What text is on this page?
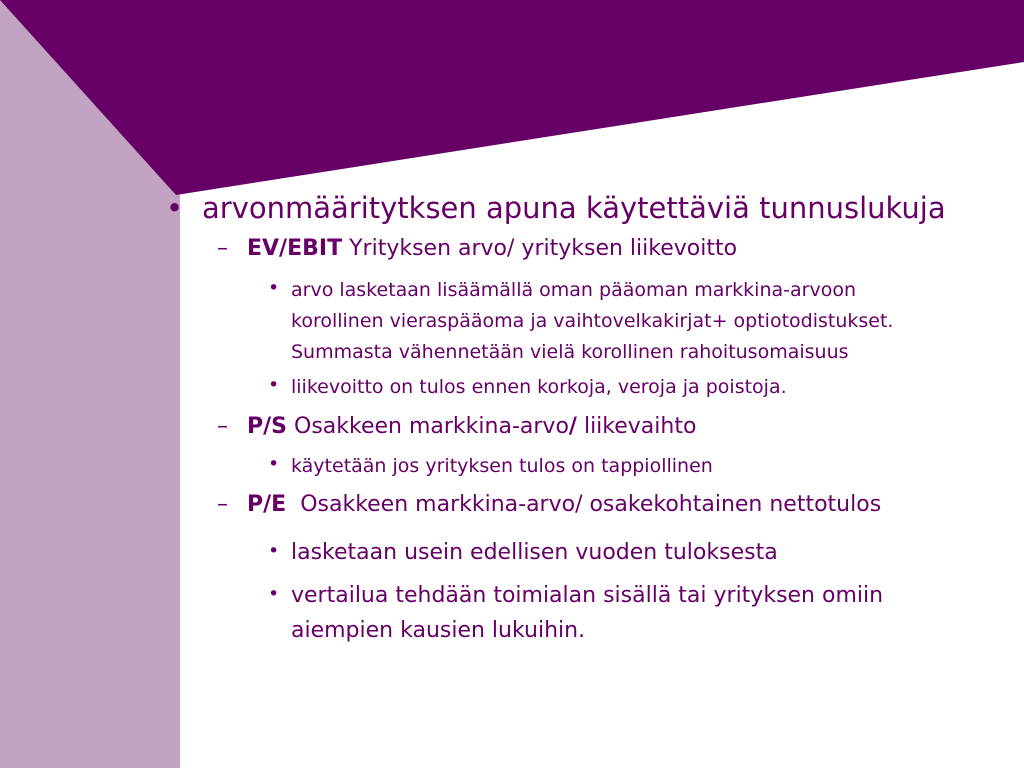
• arvonmääritytksen apuna käytettäviä tunnuslukuja
– EV/EBIT Yrityksen arvo/ yrityksen liikevoitto
• arvo lasketaan lisäämällä oman pääoman markkina-arvoon
korollinen vieraspääoma ja vaihtovelkakirjat+ optiotodistukset.
Summasta vähennetään vielä korollinen rahoitusomaisuus
• liikevoitto on tulos ennen korkoja, veroja ja poistoja.
– P/S Osakkeen markkina-arvo/ liikevaihto
• käytetään jos yrityksen tulos on tappiollinen
– P/E Osakkeen markkina-arvo/ osakekohtainen nettotulos
• lasketaan usein edellisen vuoden tuloksesta
• vertailua tehdään toimialan sisällä tai yrityksen omiin
aiempien kausien lukuihin.
